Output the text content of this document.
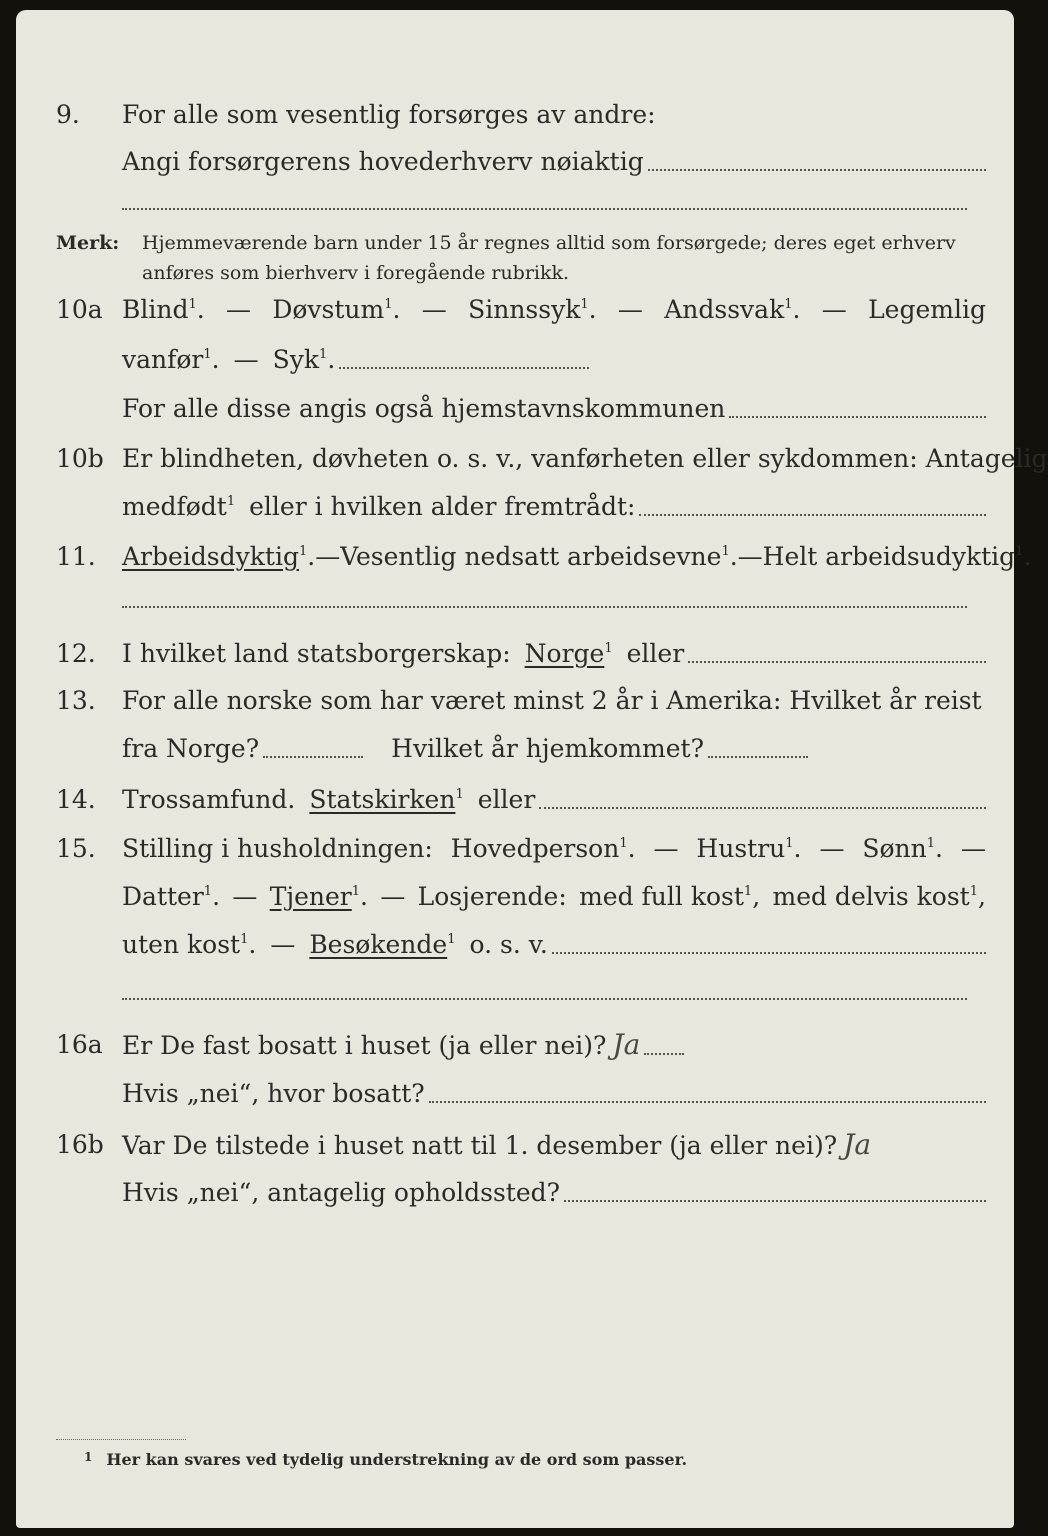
9. For alle som vesentlig forsørges av andre:
Angi forsørgerens hovederhverv nøiaktig
Merk: Hjemmeværende barn under 15 år regnes alltid som forsørgede; deres eget erhverv anføres som bierhverv i foregående rubrikk.
10a Blind$^1$. — Døvstum$^1$. — Sinnssyk$^1$. — Andssvak$^1$. — Legemlig
vanfør$^1$. — Syk$^1$.
For alle disse angis også hjemstavnskommunen
10b Er blindheten, døvheten o. s. v., vanførheten eller sykdommen: Antagelig
medfødt$^1$ eller i hvilken alder fremtrådt:
11. Arbeidsdyktig$^1$. — Vesentlig nedsatt arbeidsevne$^1$. — Helt arbeidsudyktig$^1$.
12. I hvilket land statsborgerskap: Norge$^1$ eller
13. For alle norske som har været minst 2 år i Amerika: Hvilket år reist
fra Norge?	Hvilket år hjemkommet?
14. Trossamfund. Statskirken$^1$ eller
15. Stilling i husholdningen: Hovedperson$^1$. — Hustru$^1$. — Sønn$^1$. —
Datter$^1$. — Tjener$^1$. — Losjerende: med full kost$^1$, med delvis kost$^1$,
uten kost$^1$. — Besøkende$^1$ o. s. v.
16a Er De fast bosatt i huset (ja eller nei)? Ja
Hvis „nei“, hvor bosatt?
16b Var De tilstede i huset natt til 1. desember (ja eller nei)? Ja
Hvis „nei“, antagelig opholdssted?
$^1$ Her kan svares ved tydelig understrekning av de ord som passer.
